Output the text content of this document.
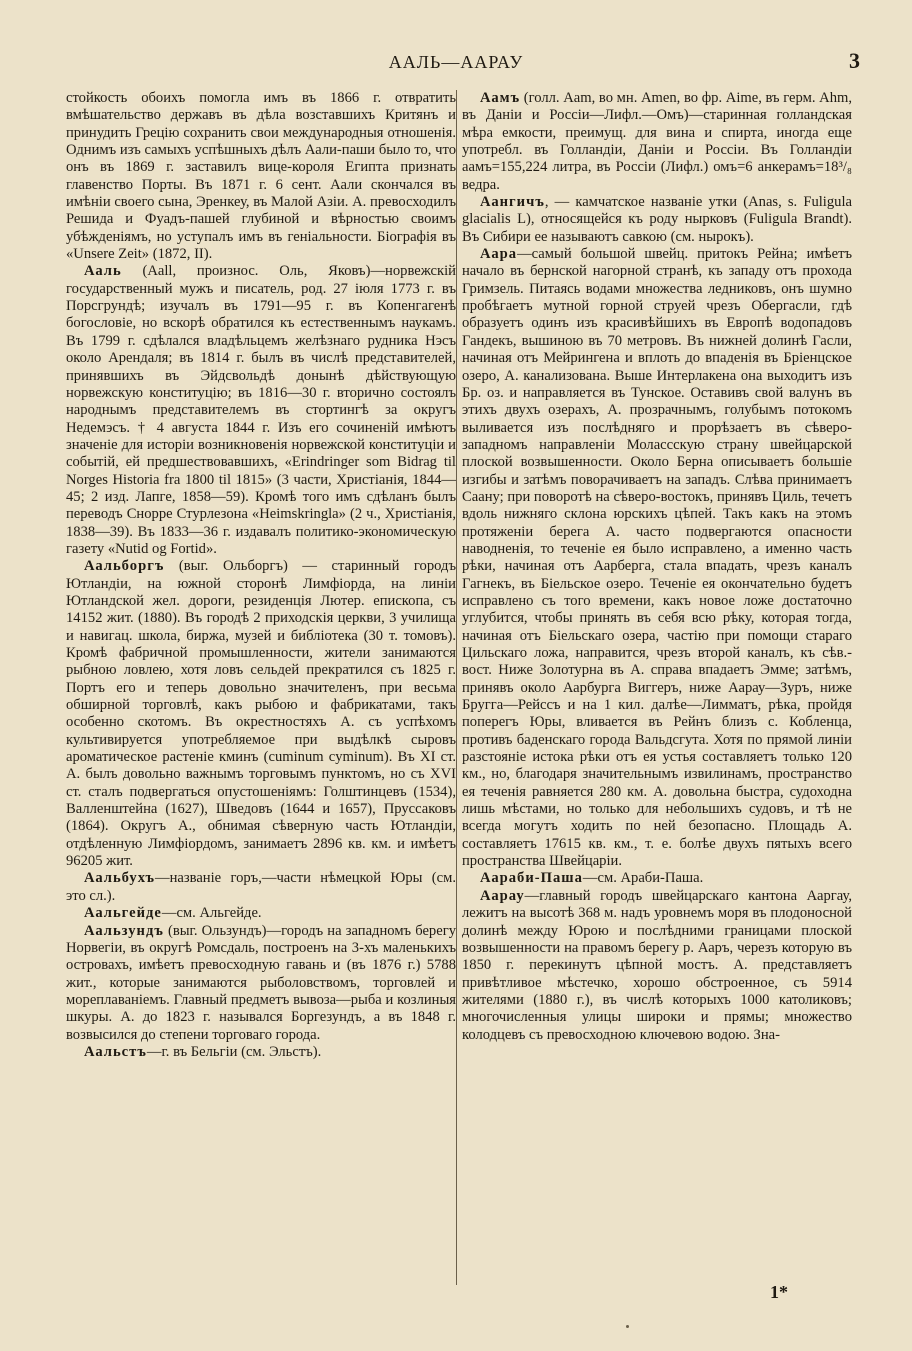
ААЛЬ—ААРАУ	3

стойкость обоихъ помогла имъ въ 1866 г. отвратить вмѣшательство державъ въ дѣла возставшихъ Критянъ и принудить Грецію сохранить свои международныя отношенія. Однимъ изъ самыхъ успѣшныхъ дѣлъ Аали-паши было то, что онъ въ 1869 г. заставилъ вице-короля Египта признать главенство Порты. Въ 1871 г. 6 сент. Аали скончался въ имѣніи своего сына, Эренкеу, въ Малой Азіи. А. превосходилъ Решида и Фуадъ-пашей глубиной и вѣрностью своимъ убѣжденіямъ, но уступалъ имъ въ геніальности. Біографія въ «Unsere Zeit» (1872, II).

Ааль (Aall, произнос. Оль, Яковъ)—норвежскій государственный мужъ и писатель, род. 27 іюля 1773 г. въ Порсгрундѣ; изучалъ въ 1791—95 г. въ Копенгагенѣ богословіе, но вскорѣ обратился къ естественнымъ наукамъ. Въ 1799 г. сдѣлался владѣльцемъ желѣзнаго рудника Нэсъ около Арендаля; въ 1814 г. былъ въ числѣ представителей, принявшихъ въ Эйдсвольдѣ донынѣ дѣйствующую норвежскую конституцію; въ 1816—30 г. вторично состоялъ народнымъ представителемъ въ стортингѣ за округъ Недемэсъ. † 4 августа 1844 г. Изъ его сочиненій имѣютъ значеніе для исторіи возникновенія норвежской конституціи и событій, ей предшествовавшихъ, «Erindringer som Bidrag til Norges Historia fra 1800 til 1815» (3 части, Христіанія, 1844—45; 2 изд. Лапге, 1858—59). Кромѣ того имъ сдѣланъ былъ переводъ Снорре Стурлезона «Heimskringla» (2 ч., Христіанія, 1838—39). Въ 1833—36 г. издавалъ политико-экономическую газету «Nutid og Fortid».

Аальборгъ (выг. Ольборгъ) — старинный городъ Ютландіи, на южной сторонѣ Лимфіорда, на линіи Ютландской жел. дороги, резиденція Лютер. епископа, съ 14152 жит. (1880). Въ городѣ 2 приходскія церкви, 3 училища и навигац. школа, биржа, музей и библіотека (30 т. томовъ). Кромѣ фабричной промышленности, жители занимаются рыбною ловлею, хотя ловъ сельдей прекратился съ 1825 г. Портъ его и теперь довольно значителенъ, при весьма обширной торговлѣ, какъ рыбою и фабрикатами, такъ особенно скотомъ. Въ окрестностяхъ А. съ успѣхомъ культивируется употребляемое при выдѣлкѣ сыровъ ароматическое растеніе кминъ (cuminum cyminum). Въ XI ст. А. былъ довольно важнымъ торговымъ пунктомъ, но съ XVI ст. сталъ подвергаться опустошеніямъ: Голштинцевъ (1534), Валленштейна (1627), Шведовъ (1644 и 1657), Пруссаковъ (1864). Округъ А., обнимая сѣверную часть Ютландіи, отдѣленную Лимфіордомъ, занимаетъ 2896 кв. км. и имѣетъ 96205 жит.

Аальбухъ—названіе горъ,—части нѣмецкой Юры (см. это сл.).

Аальгейде—см. Альгейде.

Аальзундъ (выг. Ользундъ)—городъ на западномъ берегу Норвегіи, въ округѣ Ромсдаль, построенъ на 3-хъ маленькихъ островахъ, имѣетъ превосходную гавань и (въ 1876 г.) 5788 жит., которые занимаются рыболовствомъ, торговлей и мореплаваніемъ. Главный предметъ вывоза—рыба и козлиныя шкуры. А. до 1823 г. назывался Боргезундъ, а въ 1848 г. возвысился до степени торговаго города.

Аальстъ—г. въ Бельгіи (см. Эльстъ).

Аамъ (голл. Aam, во мн. Amen, во фр. Aime, въ герм. Ahm, въ Даніи и Россіи—Лифл.—Омъ)—старинная голландская мѣра емкости, преимущ. для вина и спирта, иногда еще употребл. въ Голландіи, Даніи и Россіи. Въ Голландіи аамъ=155,224 литра, въ Россіи (Лифл.) омъ=6 анкерамъ=18³/₈ ведра.

Аангичъ, — камчатское названіе утки (Anas, s. Fuligula glacialis L), относящейся къ роду нырковъ (Fuligula Brandt). Въ Сибири ее называютъ савкою (см. нырокъ).

Аара—самый большой швейц. притокъ Рейна; имѣетъ начало въ бернской нагорной странѣ, къ западу отъ прохода Гримзель. Питаясь водами множества ледниковъ, онъ шумно пробѣгаетъ мутной горной струей чрезъ Обергасли, гдѣ образуетъ одинъ изъ красивѣйшихъ въ Европѣ водопадовъ Гандекъ, вышиною въ 70 метровъ. Въ нижней долинѣ Гасли, начиная отъ Мейрингена и вплоть до впаденія въ Бріенцское озеро, А. канализована. Выше Интерлакена она выходитъ изъ Бр. оз. и направляется въ Тунское. Оставивъ свой валунъ въ этихъ двухъ озерахъ, А. прозрачнымъ, голубымъ потокомъ выливается изъ послѣдняго и прорѣзаетъ въ сѣверо-западномъ направленіи Молассскую страну швейцарской плоской возвышенности. Около Берна описываетъ большіе изгибы и затѣмъ поворачиваетъ на западъ. Слѣва принимаетъ Саану; при поворотѣ на сѣверо-востокъ, принявъ Циль, течетъ вдоль нижняго склона юрскихъ цѣпей. Такъ какъ на этомъ протяженіи берега А. часто подвергаются опасности наводненія, то теченіе ея было исправлено, а именно часть рѣки, начиная отъ Аарберга, стала впадать, чрезъ каналъ Гагнекъ, въ Біельское озеро. Теченіе ея окончательно будетъ исправлено съ того времени, какъ новое ложе достаточно углубится, чтобы принять въ себя всю рѣку, которая тогда, начиная отъ Біельскаго озера, частію при помощи стараго Цильскаго ложа, направится, чрезъ второй каналъ, къ сѣв.-вост. Ниже Золотурна въ А. справа впадаетъ Эмме; затѣмъ, принявъ около Аарбурга Виггеръ, ниже Аарау—Зуръ, ниже Бругга—Рейссъ и на 1 кил. далѣе—Лимматъ, рѣка, пройдя поперегъ Юры, вливается въ Рейнъ близъ с. Кобленца, противъ баденскаго города Вальдсгута. Хотя по прямой линіи разстояніе истока рѣки отъ ея устья составляетъ только 120 км., но, благодаря значительнымъ извилинамъ, пространство ея теченія равняется 280 км. А. довольна быстра, судоходна лишь мѣстами, но только для небольшихъ судовъ, и тѣ не всегда могутъ ходить по ней безопасно. Площадь А. составляетъ 17615 кв. км., т. е. болѣе двухъ пятыхъ всего пространства Швейцаріи.

Аараби-Паша—см. Араби-Паша.

Аарау—главный городъ швейцарскаго кантона Ааргау, лежитъ на высотѣ 368 м. надъ уровнемъ моря въ плодоносной долинѣ между Юрою и послѣдними границами плоской возвышенности на правомъ берегу р. Ааръ, черезъ которую въ 1850 г. перекинутъ цѣпной мостъ. А. представляетъ привѣтливое мѣстечко, хорошо обстроенное, съ 5914 жителями (1880 г.), въ числѣ которыхъ 1000 католиковъ; многочисленныя улицы широки и прямы; множество колодцевъ съ превосходною ключевою водою. Зна-

1*
